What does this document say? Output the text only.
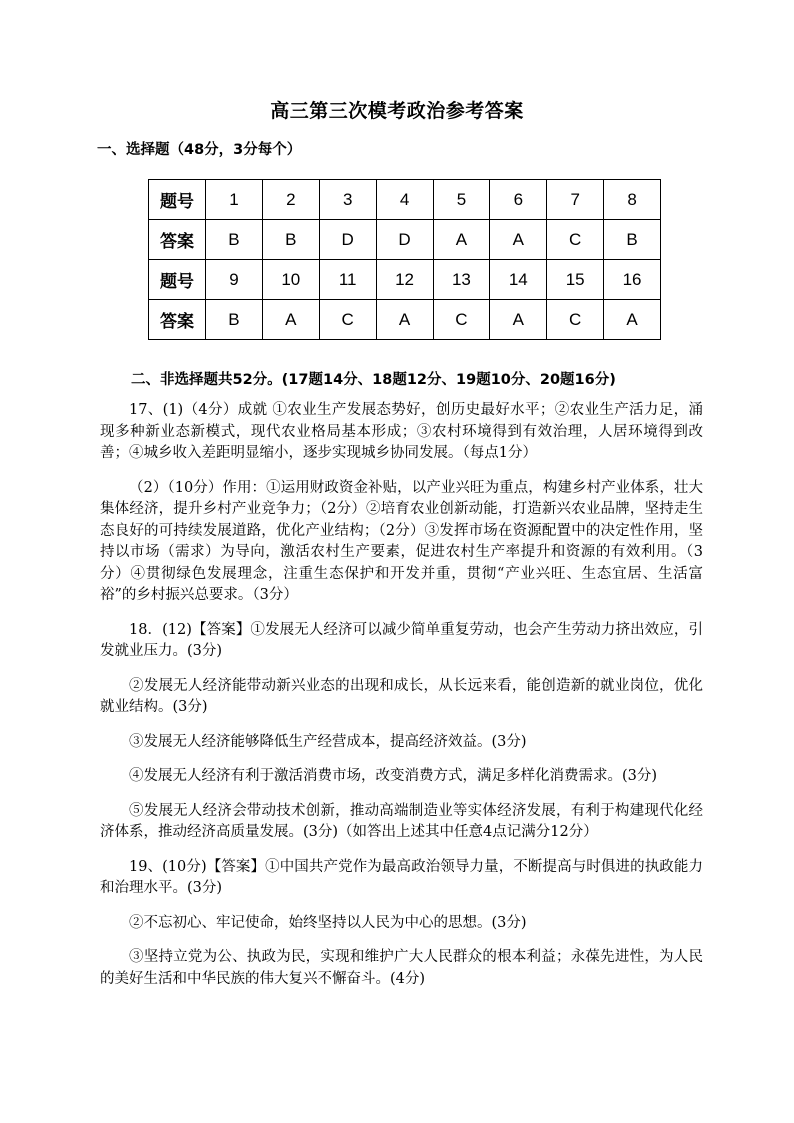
高三第三次模考政治参考答案
一、选择题（48分，3分每个）
题号	1	2	3	4	5	6	7	8
答案	B	B	D	D	A	A	C	B
题号	9	10	11	12	13	14	15	16
答案	B	A	C	A	C	A	C	A
二、非选择题共52分。(17题14分、18题12分、19题10分、20题16分)

17、(1)（4分）成就 ①农业生产发展态势好，创历史最好水平；②农业生产活力足，涌现多种新业态新模式，现代农业格局基本形成；③农村环境得到有效治理，人居环境得到改善；④城乡收入差距明显缩小，逐步实现城乡协同发展。（每点1分）

（2）（10分）作用：①运用财政资金补贴，以产业兴旺为重点，构建乡村产业体系，壮大集体经济，提升乡村产业竞争力；（2分）②培育农业创新动能，打造新兴农业品牌，坚持走生态良好的可持续发展道路，优化产业结构；（2分）③发挥市场在资源配置中的决定性作用，坚持以市场（需求）为导向，激活农村生产要素，促进农村生产率提升和资源的有效利用。（3分）④贯彻绿色发展理念，注重生态保护和开发并重，贯彻“产业兴旺、生态宜居、生活富裕”的乡村振兴总要求。（3分）

18．(12)【答案】①发展无人经济可以减少简单重复劳动，也会产生劳动力挤出效应，引发就业压力。(3分)

②发展无人经济能带动新兴业态的出现和成长，从长远来看，能创造新的就业岗位，优化就业结构。(3分)

③发展无人经济能够降低生产经营成本，提高经济效益。(3分)

④发展无人经济有利于激活消费市场，改变消费方式，满足多样化消费需求。(3分)

⑤发展无人经济会带动技术创新，推动高端制造业等实体经济发展，有利于构建现代化经济体系，推动经济高质量发展。(3分)（如答出上述其中任意4点记满分12分）

19、(10分)【答案】①中国共产党作为最高政治领导力量，不断提高与时俱进的执政能力和治理水平。(3分)

②不忘初心、牢记使命，始终坚持以人民为中心的思想。(3分)

③坚持立党为公、执政为民，实现和维护广大人民群众的根本利益；永葆先进性，为人民的美好生活和中华民族的伟大复兴不懈奋斗。(4分)
